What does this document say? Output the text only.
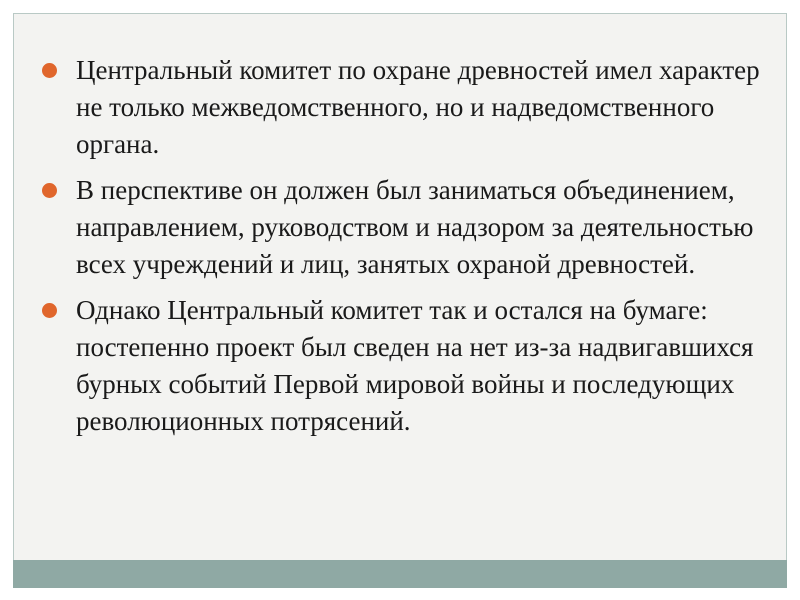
Центральный комитет по охране древностей имел характер не только межведомственного, но и надведомственного органа.
В перспективе он должен был заниматься объединением, направлением, руководством и надзором за деятельностью всех учреждений и лиц, занятых охраной древностей.
Однако Центральный комитет так и остался на бумаге: постепенно проект был сведен на нет из-за надвигавшихся бурных событий Первой мировой войны и последующих революционных потрясений.
